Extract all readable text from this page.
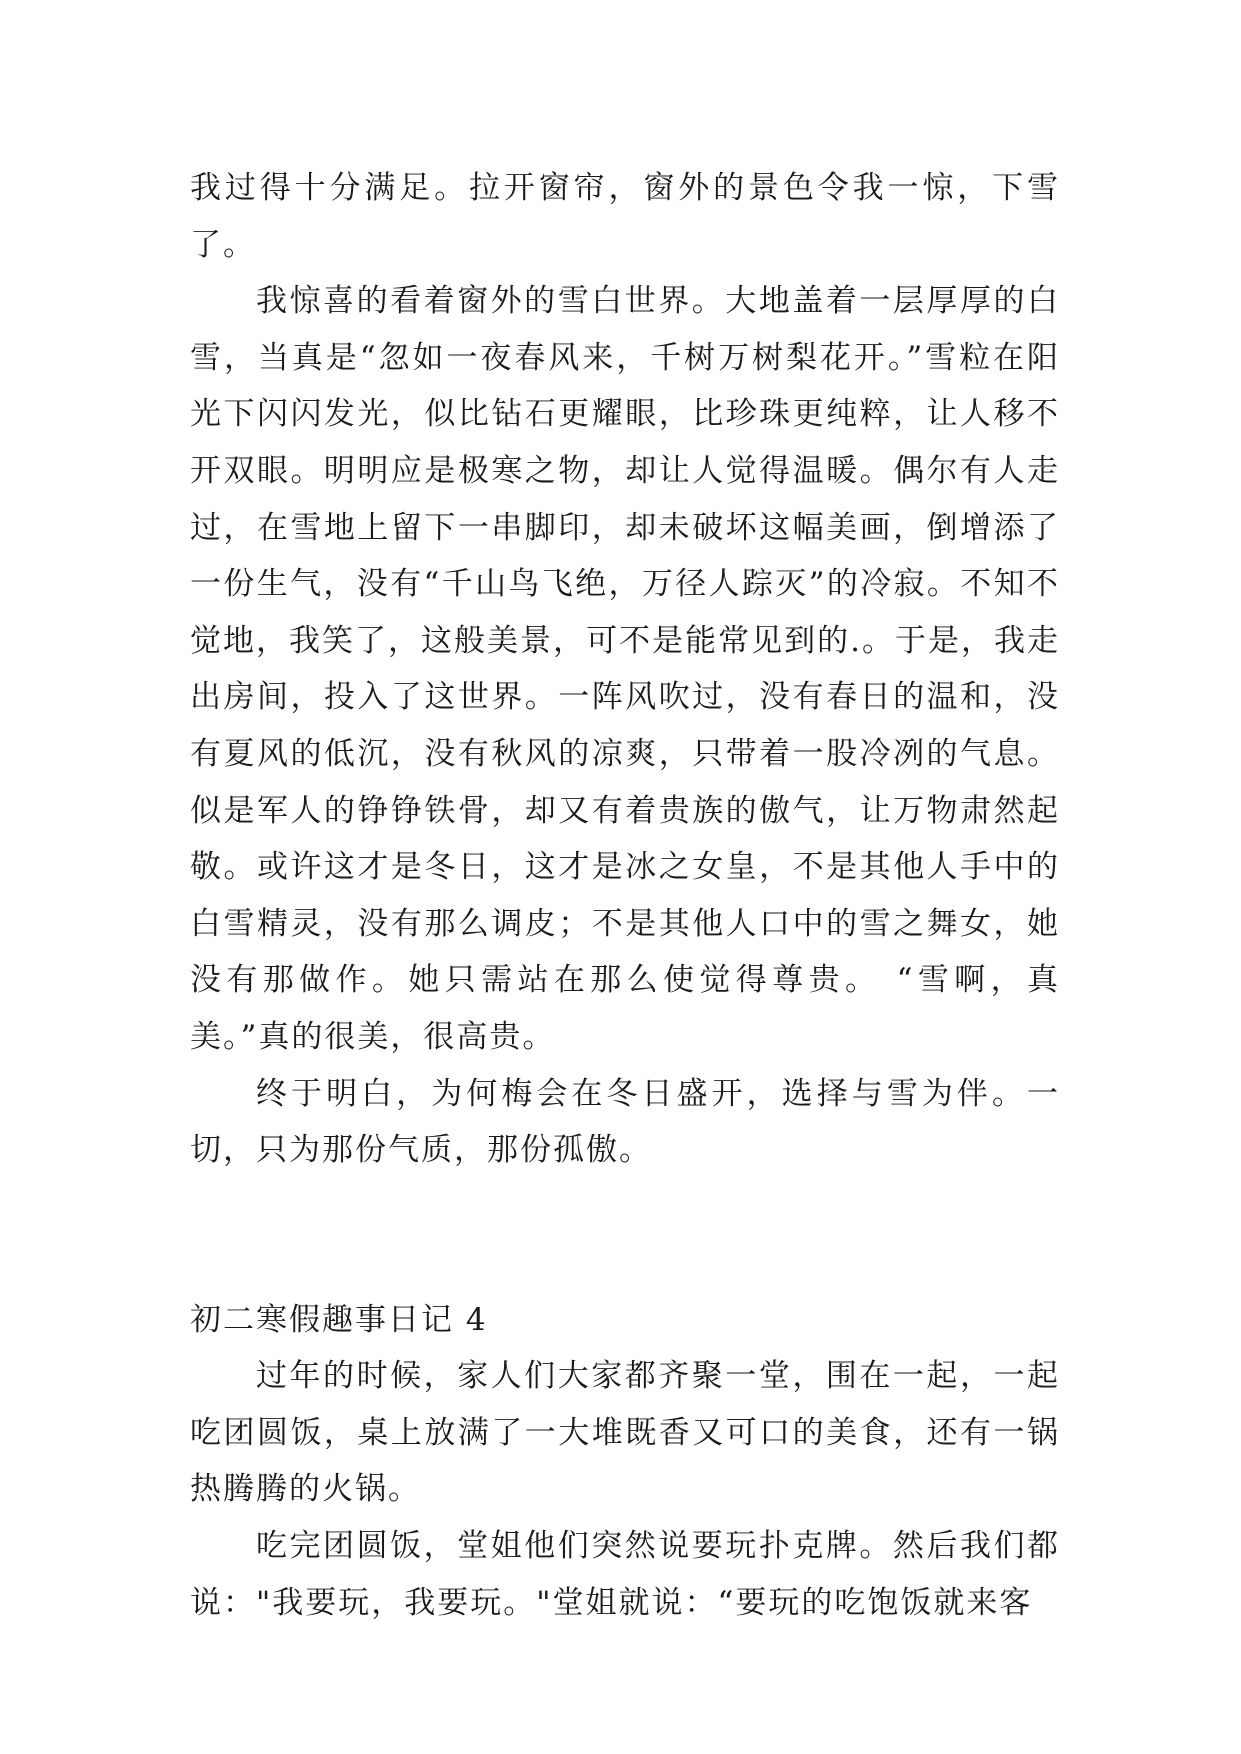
我过得十分满足。拉开窗帘，窗外的景色令我一惊，下雪了。

我惊喜的看着窗外的雪白世界。大地盖着一层厚厚的白雪，当真是“忽如一夜春风来，千树万树梨花开。”雪粒在阳光下闪闪发光，似比钻石更耀眼，比珍珠更纯粹，让人移不开双眼。明明应是极寒之物，却让人觉得温暖。偶尔有人走过，在雪地上留下一串脚印，却未破坏这幅美画，倒增添了一份生气，没有“千山鸟飞绝，万径人踪灭”的冷寂。不知不觉地，我笑了，这般美景，可不是能常见到的.。于是，我走出房间，投入了这世界。一阵风吹过，没有春日的温和，没有夏风的低沉，没有秋风的凉爽，只带着一股冷冽的气息。似是军人的铮铮铁骨，却又有着贵族的傲气，让万物肃然起敬。或许这才是冬日，这才是冰之女皇，不是其他人手中的白雪精灵，没有那么调皮；不是其他人口中的雪之舞女，她没有那做作。她只需站在那么使觉得尊贵。 “雪啊，真美。”真的很美，很高贵。

终于明白，为何梅会在冬日盛开，选择与雪为伴。一切，只为那份气质，那份孤傲。

初二寒假趣事日记 4

过年的时候，家人们大家都齐聚一堂，围在一起，一起吃团圆饭，桌上放满了一大堆既香又可口的美食，还有一锅热腾腾的火锅。

吃完团圆饭，堂姐他们突然说要玩扑克牌。然后我们都说："我要玩，我要玩。"堂姐就说：“要玩的吃饱饭就来客
